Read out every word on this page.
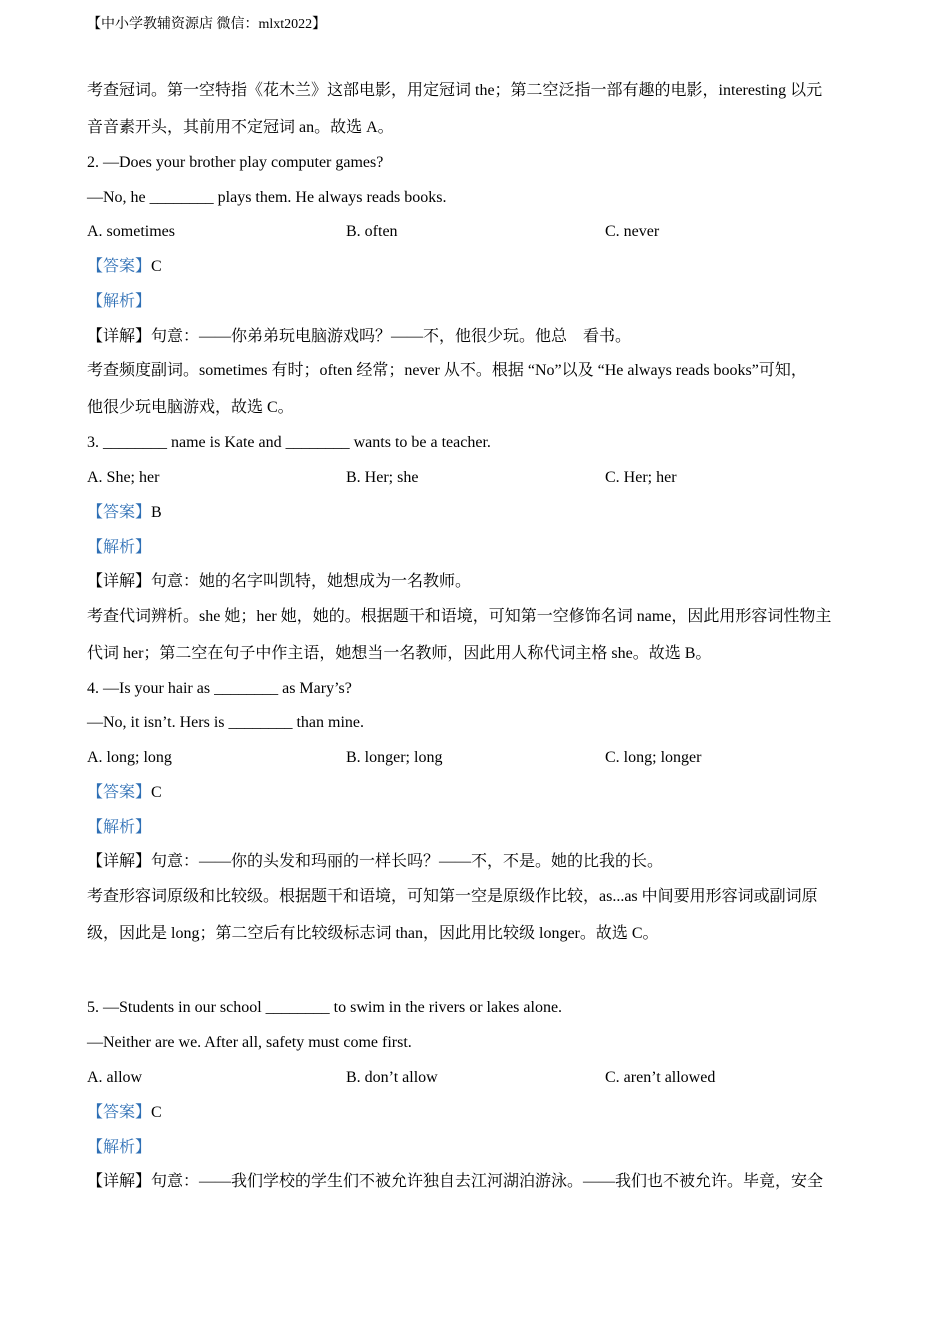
【中小学教辅资源店 微信：mlxt2022】
考查冠词。第一空特指《花木兰》这部电影，用定冠词 the；第二空泛指一部有趣的电影，interesting 以元
音音素开头，其前用不定冠词 an。故选 A。
2. —Does your brother play computer games?
—No, he ________ plays them. He always reads books.
A. sometimes	B. often	C. never
【答案】C
【解析】
【详解】句意：——你弟弟玩电脑游戏吗？——不，他很少玩。他总　看书。
考查频度副词。sometimes 有时；often 经常；never 从不。根据 “No”以及 “He always reads books”可知，
他很少玩电脑游戏，故选 C。
3. ________ name is Kate and ________ wants to be a teacher.
A. She; her	B. Her; she	C. Her; her
【答案】B
【解析】
【详解】句意：她的名字叫凯特，她想成为一名教师。
考查代词辨析。she 她；her 她，她的。根据题干和语境，可知第一空修饰名词 name，因此用形容词性物主
代词 her；第二空在句子中作主语，她想当一名教师，因此用人称代词主格 she。故选 B。
4. —Is your hair as ________ as Mary’s?
—No, it isn’t. Hers is ________ than mine.
A. long; long	B. longer; long	C. long; longer
【答案】C
【解析】
【详解】句意：——你的头发和玛丽的一样长吗？——不，不是。她的比我的长。
考查形容词原级和比较级。根据题干和语境，可知第一空是原级作比较，as...as 中间要用形容词或副词原
级，因此是 long；第二空后有比较级标志词 than，因此用比较级 longer。故选 C。
5. —Students in our school ________ to swim in the rivers or lakes alone.
—Neither are we. After all, safety must come first.
A. allow	B. don’t allow	C. aren’t allowed
【答案】C
【解析】
【详解】句意：——我们学校的学生们不被允许独自去江河湖泊游泳。——我们也不被允许。毕竟，安全
